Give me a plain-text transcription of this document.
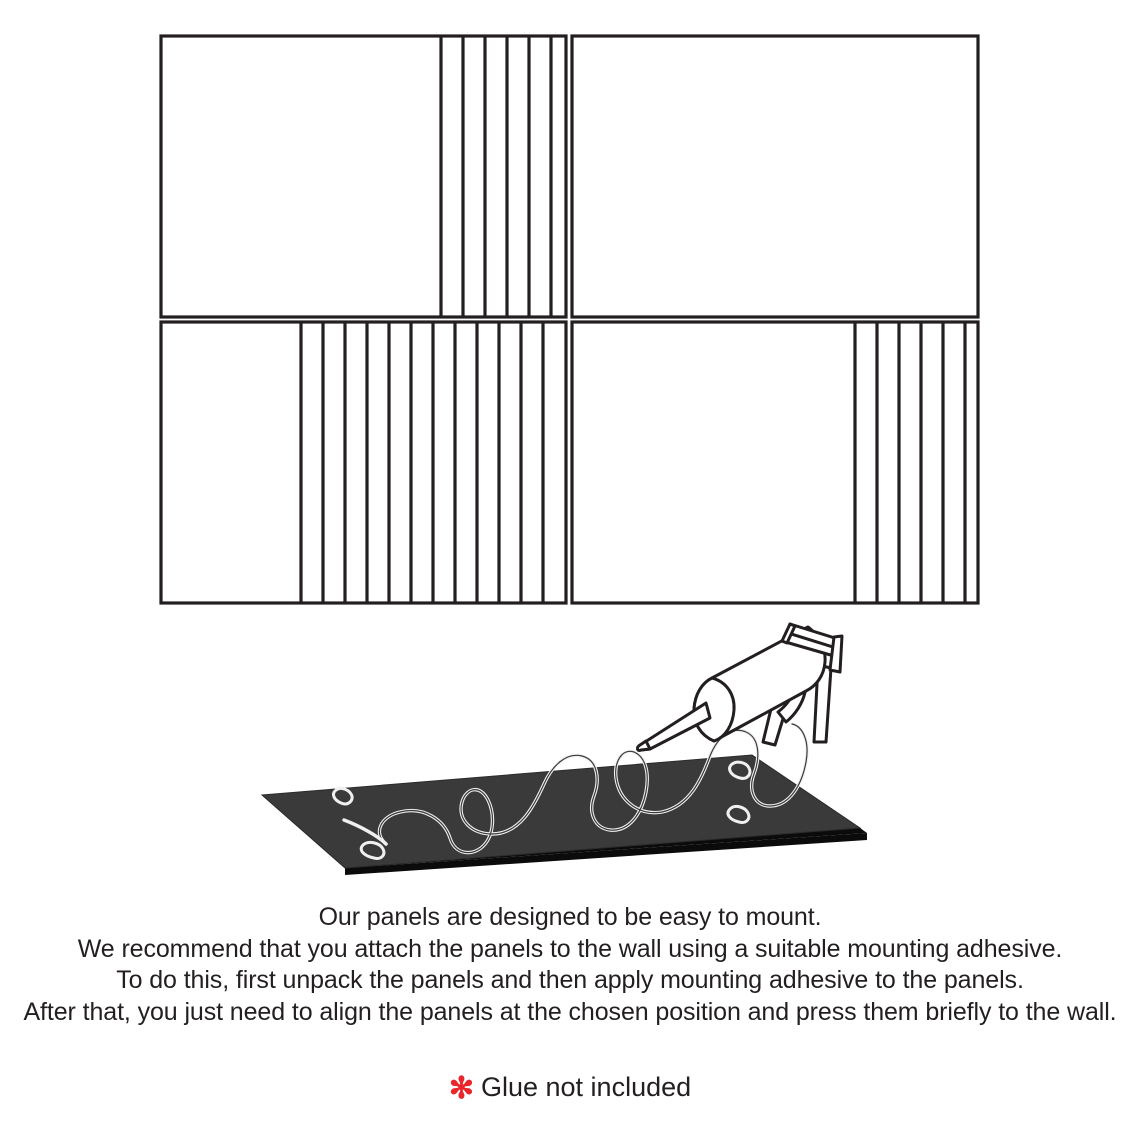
Our panels are designed to be easy to mount.
We recommend that you attach the panels to the wall using a suitable mounting adhesive.
To do this, first unpack the panels and then apply mounting adhesive to the panels.
After that, you just need to align the panels at the chosen position and press them briefly to the wall.
✻ Glue not included
